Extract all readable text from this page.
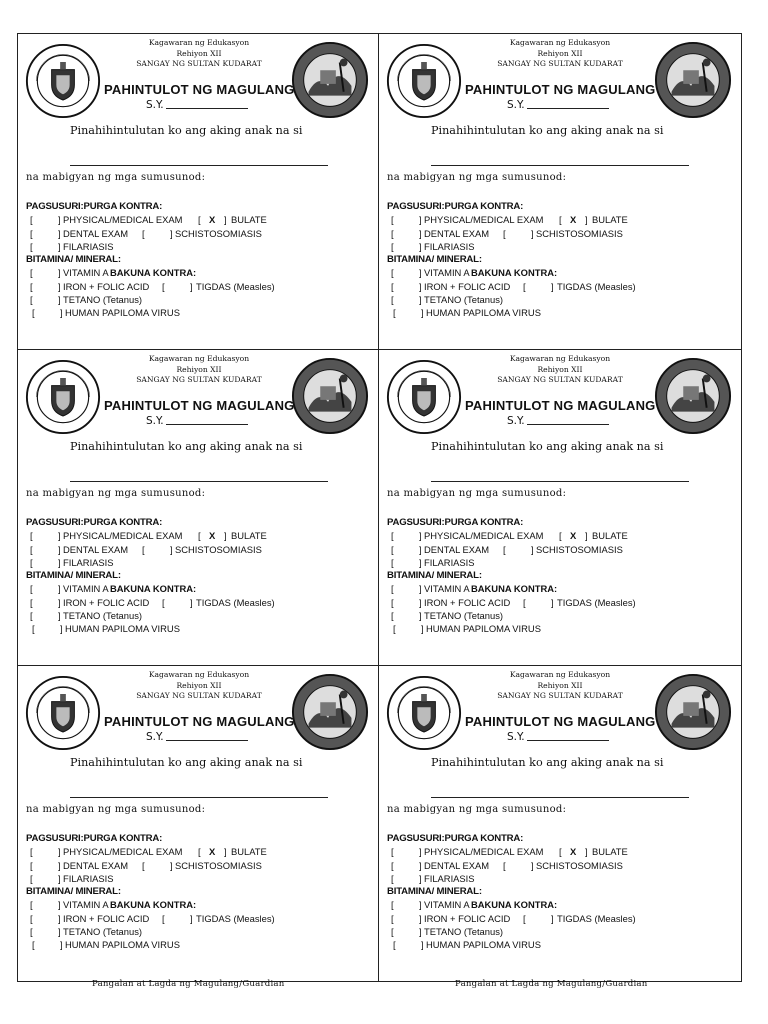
Kagawaran ng Edukasyon
Rehiyon XII
SANGAY NG SULTAN KUDARAT
PAHINTULOT NG MAGULANG
S.Y.
Pinahihintulutan ko ang aking anak na si
na mabigyan ng mga sumusunod:
PAGSUSURI:PURGA KONTRA:
[	] PHYSICAL/MEDICAL EXAM [ X ] BULATE
[	] DENTAL EXAM [	] SCHISTOSOMIASIS
[	] FILARIASIS
BITAMINA/ MINERAL:
[	] VITAMIN A BAKUNA KONTRA:
[	] IRON + FOLIC ACID [	] TIGDAS (Measles)
[	] TETANO (Tetanus)
[	] HUMAN PAPILOMA VIRUS
Kagawaran ng Edukasyon
Rehiyon XII
SANGAY NG SULTAN KUDARAT
PAHINTULOT NG MAGULANG
S.Y.
Pinahihintulutan ko ang aking anak na si
na mabigyan ng mga sumusunod:
PAGSUSURI:PURGA KONTRA:
[	] PHYSICAL/MEDICAL EXAM [ X ] BULATE
[	] DENTAL EXAM [	] SCHISTOSOMIASIS
[	] FILARIASIS
BITAMINA/ MINERAL:
[	] VITAMIN A BAKUNA KONTRA:
[	] IRON + FOLIC ACID [	] TIGDAS (Measles)
[	] TETANO (Tetanus)
[	] HUMAN PAPILOMA VIRUS
Kagawaran ng Edukasyon
Rehiyon XII
SANGAY NG SULTAN KUDARAT
PAHINTULOT NG MAGULANG
S.Y.
Pinahihintulutan ko ang aking anak na si
na mabigyan ng mga sumusunod:
PAGSUSURI:PURGA KONTRA:
[	] PHYSICAL/MEDICAL EXAM [ X ] BULATE
[	] DENTAL EXAM [	] SCHISTOSOMIASIS
[	] FILARIASIS
BITAMINA/ MINERAL:
[	] VITAMIN A BAKUNA KONTRA:
[	] IRON + FOLIC ACID [	] TIGDAS (Measles)
[	] TETANO (Tetanus)
[	] HUMAN PAPILOMA VIRUS
Kagawaran ng Edukasyon
Rehiyon XII
SANGAY NG SULTAN KUDARAT
PAHINTULOT NG MAGULANG
S.Y.
Pinahihintulutan ko ang aking anak na si
na mabigyan ng mga sumusunod:
PAGSUSURI:PURGA KONTRA:
[	] PHYSICAL/MEDICAL EXAM [ X ] BULATE
[	] DENTAL EXAM [	] SCHISTOSOMIASIS
[	] FILARIASIS
BITAMINA/ MINERAL:
[	] VITAMIN A BAKUNA KONTRA:
[	] IRON + FOLIC ACID [	] TIGDAS (Measles)
[	] TETANO (Tetanus)
[	] HUMAN PAPILOMA VIRUS
Kagawaran ng Edukasyon
Rehiyon XII
SANGAY NG SULTAN KUDARAT
PAHINTULOT NG MAGULANG
S.Y.
Pinahihintulutan ko ang aking anak na si
na mabigyan ng mga sumusunod:
PAGSUSURI:PURGA KONTRA:
[	] PHYSICAL/MEDICAL EXAM [ X ] BULATE
[	] DENTAL EXAM [	] SCHISTOSOMIASIS
[	] FILARIASIS
BITAMINA/ MINERAL:
[	] VITAMIN A BAKUNA KONTRA:
[	] IRON + FOLIC ACID [	] TIGDAS (Measles)
[	] TETANO (Tetanus)
[	] HUMAN PAPILOMA VIRUS
Kagawaran ng Edukasyon
Rehiyon XII
SANGAY NG SULTAN KUDARAT
PAHINTULOT NG MAGULANG
S.Y.
Pinahihintulutan ko ang aking anak na si
na mabigyan ng mga sumusunod:
PAGSUSURI:PURGA KONTRA:
[	] PHYSICAL/MEDICAL EXAM [ X ] BULATE
[	] DENTAL EXAM [	] SCHISTOSOMIASIS
[	] FILARIASIS
BITAMINA/ MINERAL:
[	] VITAMIN A BAKUNA KONTRA:
[	] IRON + FOLIC ACID [	] TIGDAS (Measles)
[	] TETANO (Tetanus)
[	] HUMAN PAPILOMA VIRUS
Pangalan at Lagda ng Magulang/Guardian	Pangalan at Lagda ng Magulang/Guardian
